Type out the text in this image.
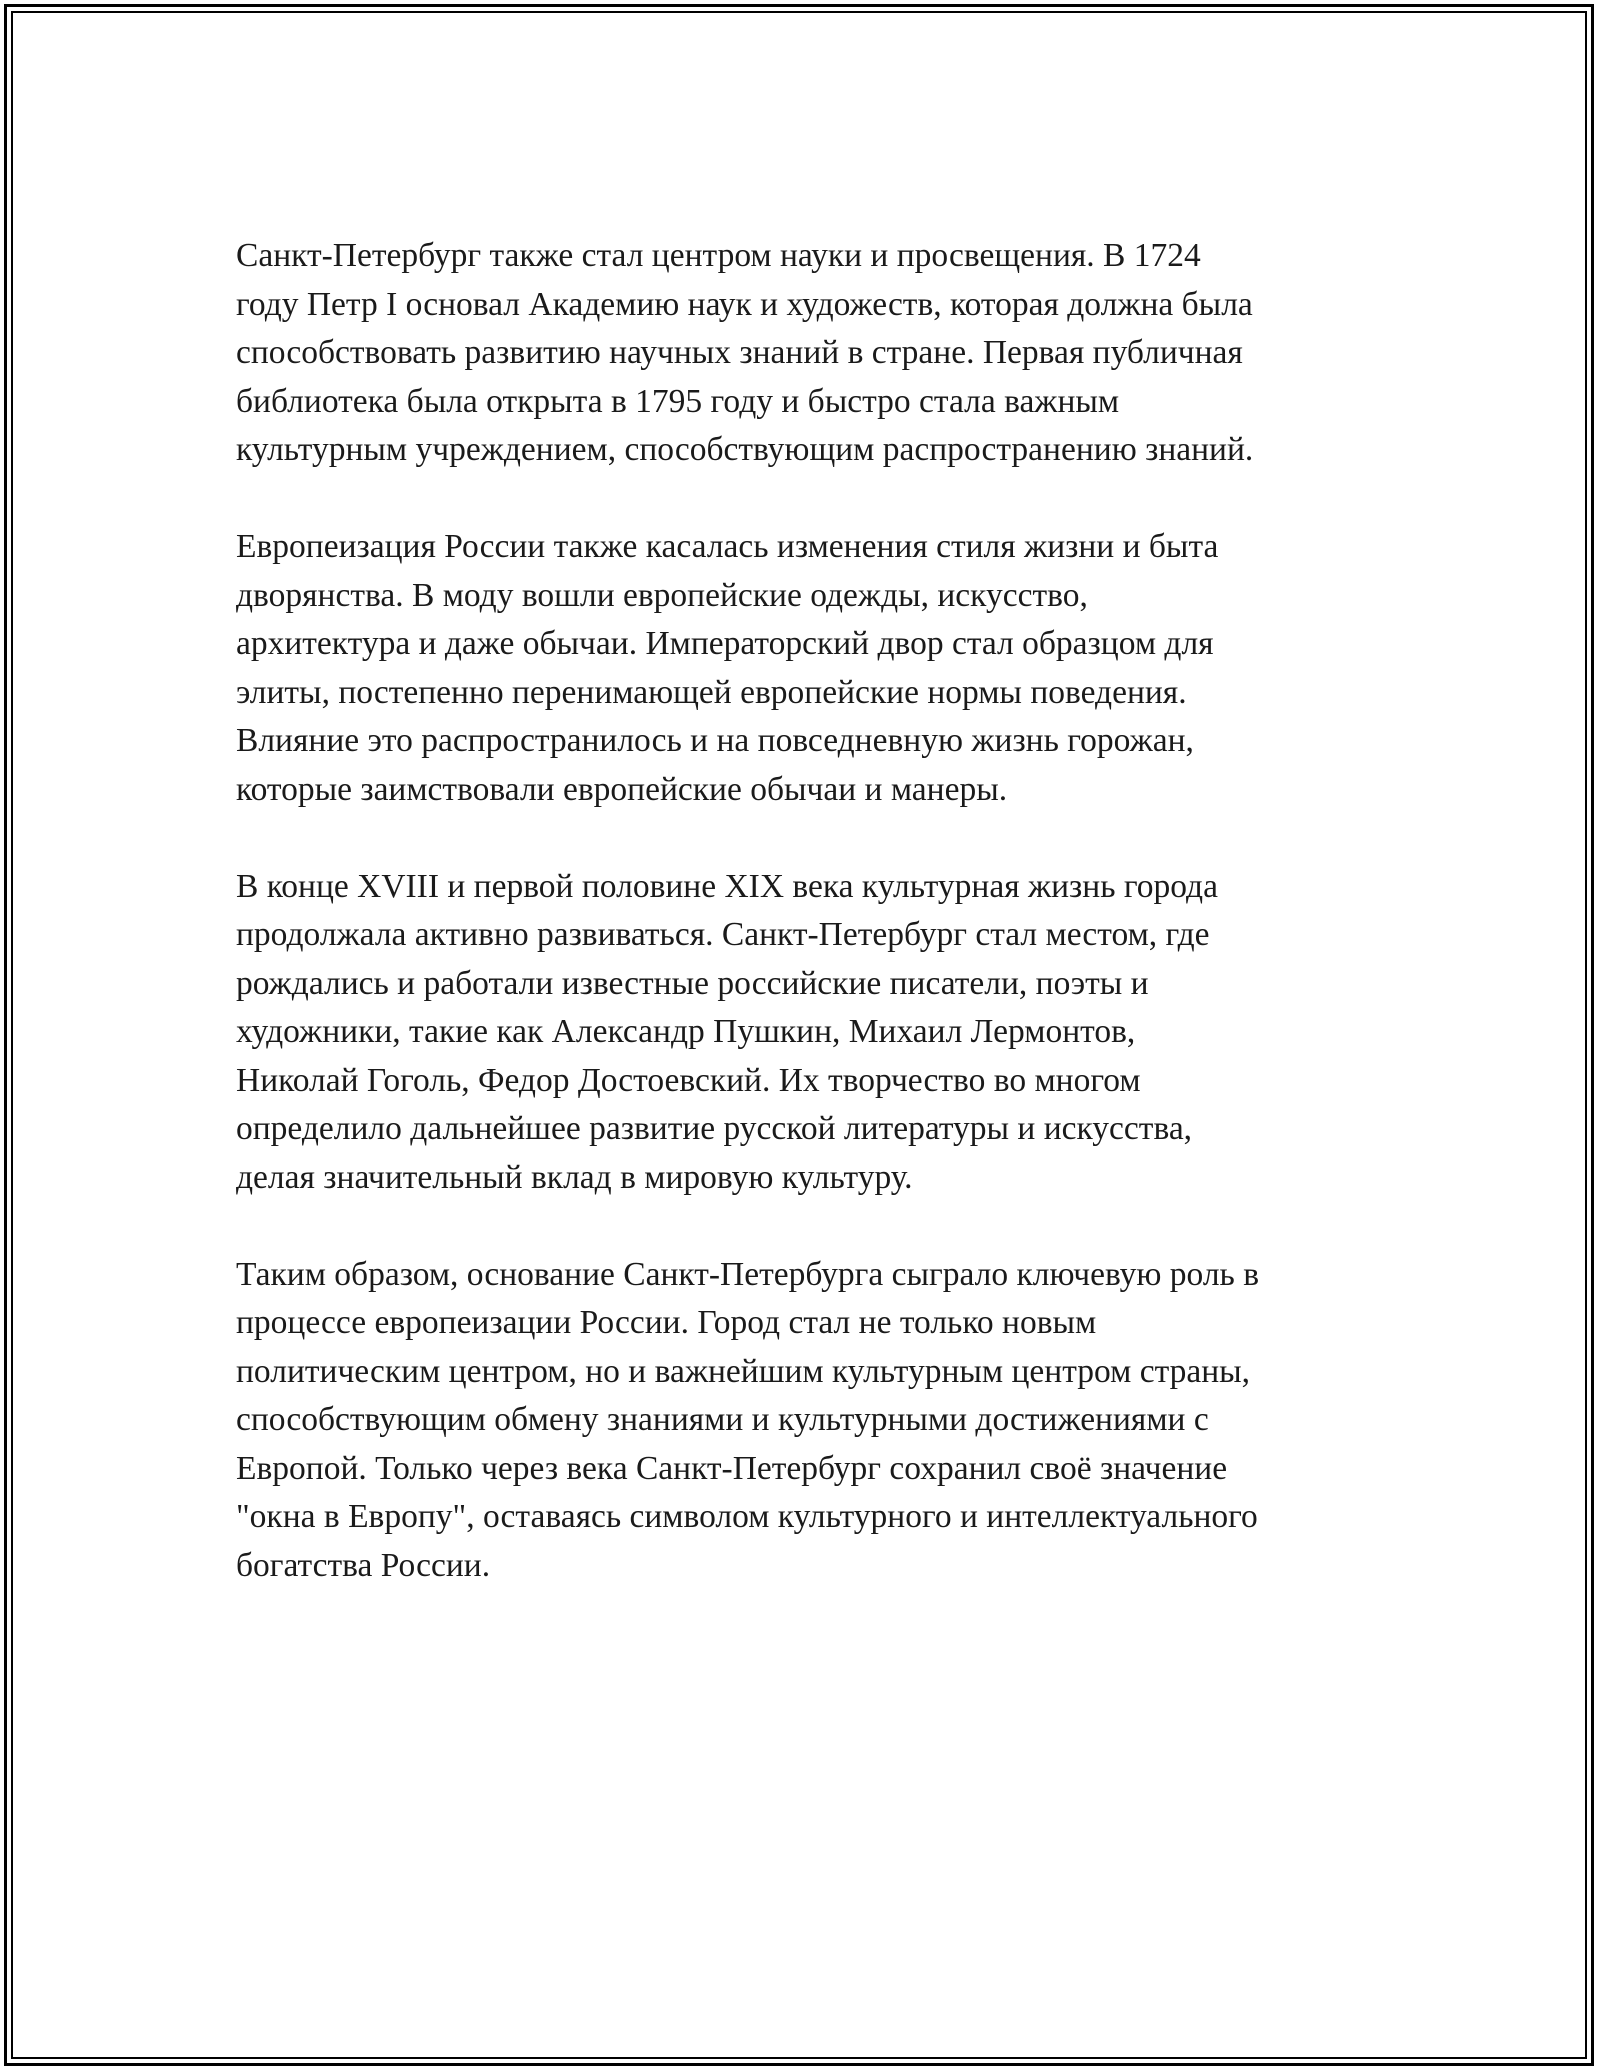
Санкт-Петербург также стал центром науки и просвещения. В 1724
году Петр I основал Академию наук и художеств, которая должна была
способствовать развитию научных знаний в стране. Первая публичная
библиотека была открыта в 1795 году и быстро стала важным
культурным учреждением, способствующим распространению знаний.

Европеизация России также касалась изменения стиля жизни и быта
дворянства. В моду вошли европейские одежды, искусство,
архитектура и даже обычаи. Императорский двор стал образцом для
элиты, постепенно перенимающей европейские нормы поведения.
Влияние это распространилось и на повседневную жизнь горожан,
которые заимствовали европейские обычаи и манеры.

В конце XVIII и первой половине XIX века культурная жизнь города
продолжала активно развиваться. Санкт-Петербург стал местом, где
рождались и работали известные российские писатели, поэты и
художники, такие как Александр Пушкин, Михаил Лермонтов,
Николай Гоголь, Федор Достоевский. Их творчество во многом
определило дальнейшее развитие русской литературы и искусства,
делая значительный вклад в мировую культуру.

Таким образом, основание Санкт-Петербурга сыграло ключевую роль в
процессе европеизации России. Город стал не только новым
политическим центром, но и важнейшим культурным центром страны,
способствующим обмену знаниями и культурными достижениями с
Европой. Только через века Санкт-Петербург сохранил своё значение
"окна в Европу", оставаясь символом культурного и интеллектуального
богатства России.
